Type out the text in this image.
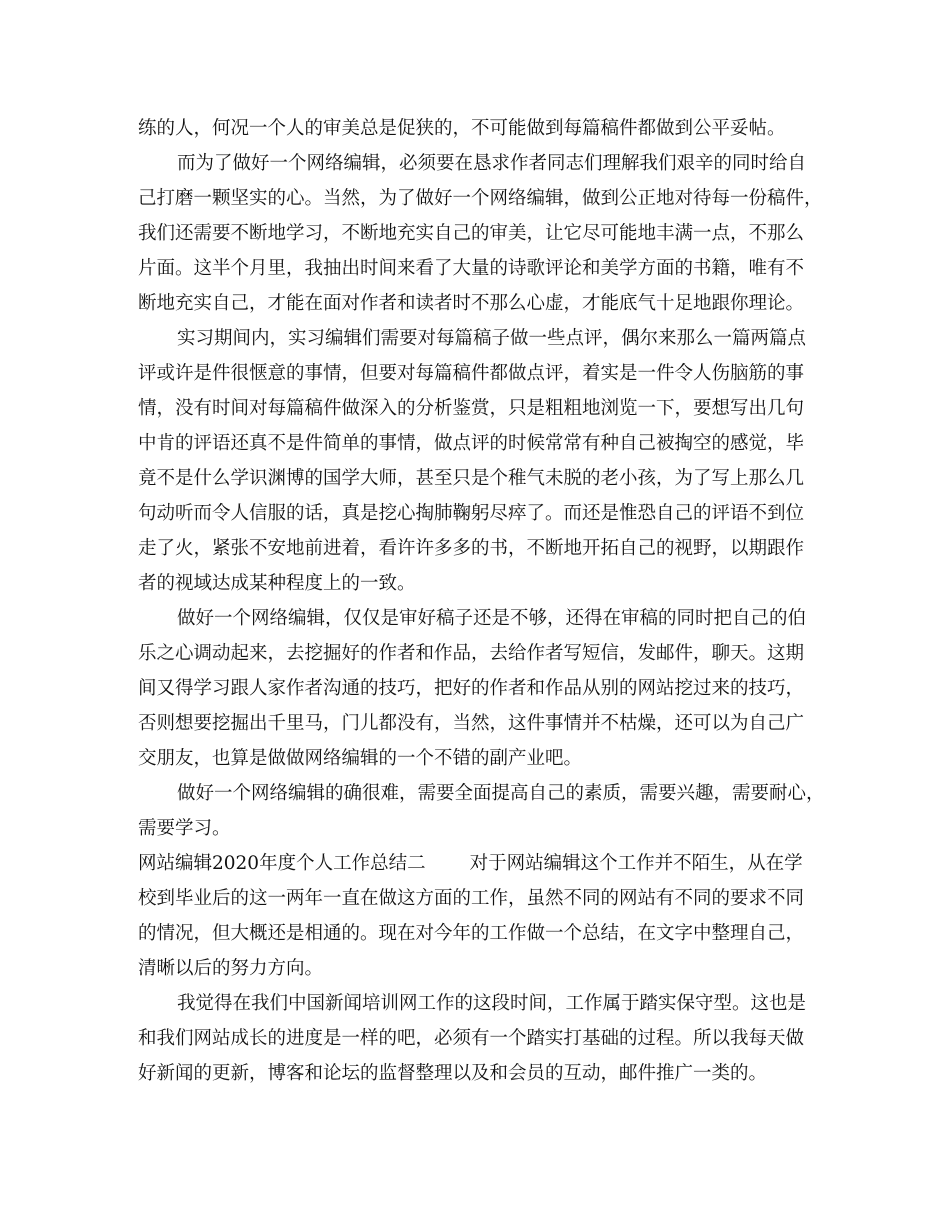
练的人，何况一个人的审美总是促狭的，不可能做到每篇稿件都做到公平妥帖。
而为了做好一个网络编辑，必须要在恳求作者同志们理解我们艰辛的同时给自
己打磨一颗坚实的心。当然，为了做好一个网络编辑，做到公正地对待每一份稿件，
我们还需要不断地学习，不断地充实自己的审美，让它尽可能地丰满一点，不那么
片面。这半个月里，我抽出时间来看了大量的诗歌评论和美学方面的书籍，唯有不
断地充实自己，才能在面对作者和读者时不那么心虚，才能底气十足地跟你理论。
实习期间内，实习编辑们需要对每篇稿子做一些点评，偶尔来那么一篇两篇点
评或许是件很惬意的事情，但要对每篇稿件都做点评，着实是一件令人伤脑筋的事
情，没有时间对每篇稿件做深入的分析鉴赏，只是粗粗地浏览一下，要想写出几句
中肯的评语还真不是件简单的事情，做点评的时候常常有种自己被掏空的感觉，毕
竟不是什么学识渊博的国学大师，甚至只是个稚气未脱的老小孩，为了写上那么几
句动听而令人信服的话，真是挖心掏肺鞠躬尽瘁了。而还是惟恐自己的评语不到位
走了火，紧张不安地前进着，看许许多多的书，不断地开拓自己的视野，以期跟作
者的视域达成某种程度上的一致。
做好一个网络编辑，仅仅是审好稿子还是不够，还得在审稿的同时把自己的伯
乐之心调动起来，去挖掘好的作者和作品，去给作者写短信，发邮件，聊天。这期
间又得学习跟人家作者沟通的技巧，把好的作者和作品从别的网站挖过来的技巧，
否则想要挖掘出千里马，门儿都没有，当然，这件事情并不枯燥，还可以为自己广
交朋友，也算是做做网络编辑的一个不错的副产业吧。
做好一个网络编辑的确很难，需要全面提高自己的素质，需要兴趣，需要耐心，
需要学习。
网站编辑2020年度个人工作总结二 对于网站编辑这个工作并不陌生，从在学
校到毕业后的这一两年一直在做这方面的工作，虽然不同的网站有不同的要求不同
的情况，但大概还是相通的。现在对今年的工作做一个总结，在文字中整理自己，
清晰以后的努力方向。
我觉得在我们中国新闻培训网工作的这段时间，工作属于踏实保守型。这也是
和我们网站成长的进度是一样的吧，必须有一个踏实打基础的过程。所以我每天做
好新闻的更新，博客和论坛的监督整理以及和会员的互动，邮件推广一类的。
